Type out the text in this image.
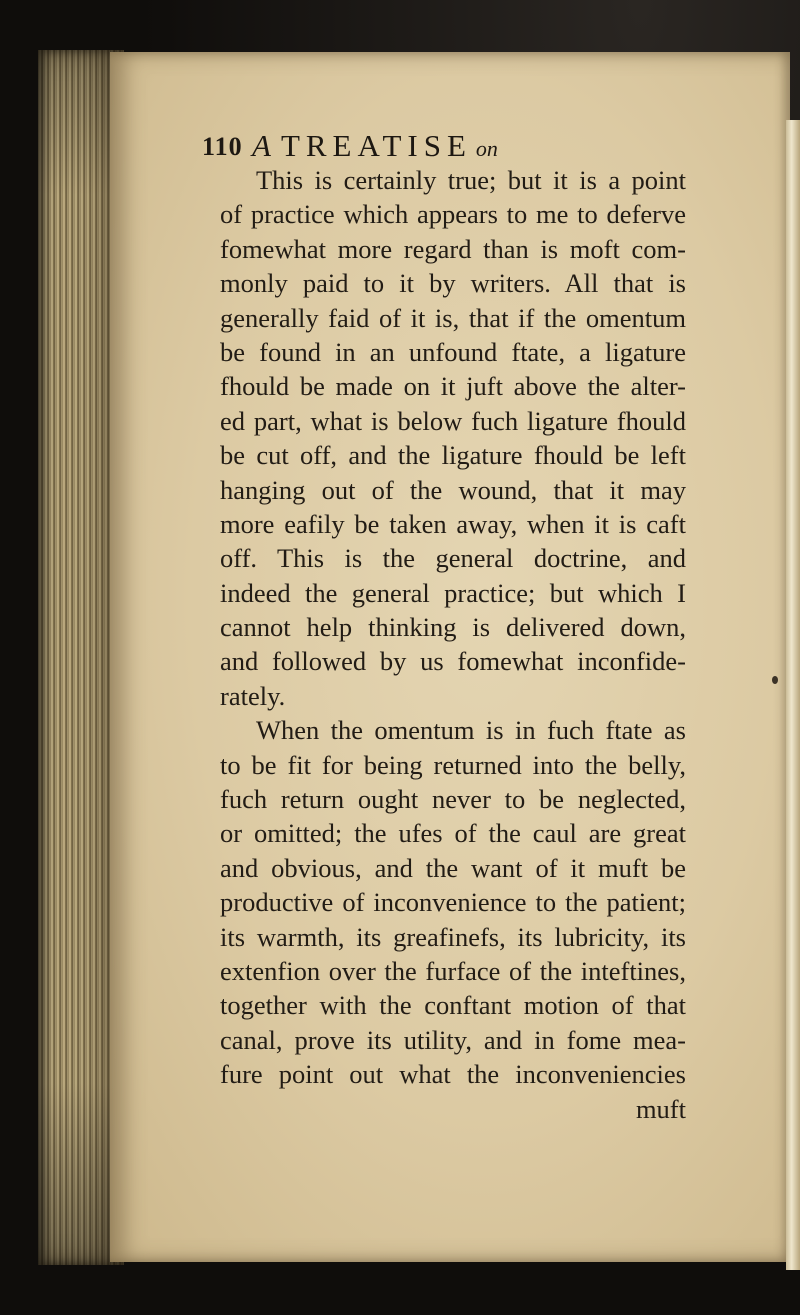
110 A TREATISE on
This is certainly true; but it is a point
of practice which appears to me to deferve
fomewhat more regard than is moft com-
monly paid to it by writers. All that is
generally faid of it is, that if the omentum
be found in an unfound ftate, a ligature
fhould be made on it juft above the alter-
ed part, what is below fuch ligature fhould
be cut off, and the ligature fhould be left
hanging out of the wound, that it may
more eafily be taken away, when it is caft
off. This is the general doctrine, and
indeed the general practice; but which I
cannot help thinking is delivered down,
and followed by us fomewhat inconfide-
rately.
When the omentum is in fuch ftate as
to be fit for being returned into the belly,
fuch return ought never to be neglected,
or omitted; the ufes of the caul are great
and obvious, and the want of it muft be
productive of inconvenience to the patient;
its warmth, its greafinefs, its lubricity, its
extenfion over the furface of the inteftines,
together with the conftant motion of that
canal, prove its utility, and in fome mea-
fure point out what the inconveniencies
muft
